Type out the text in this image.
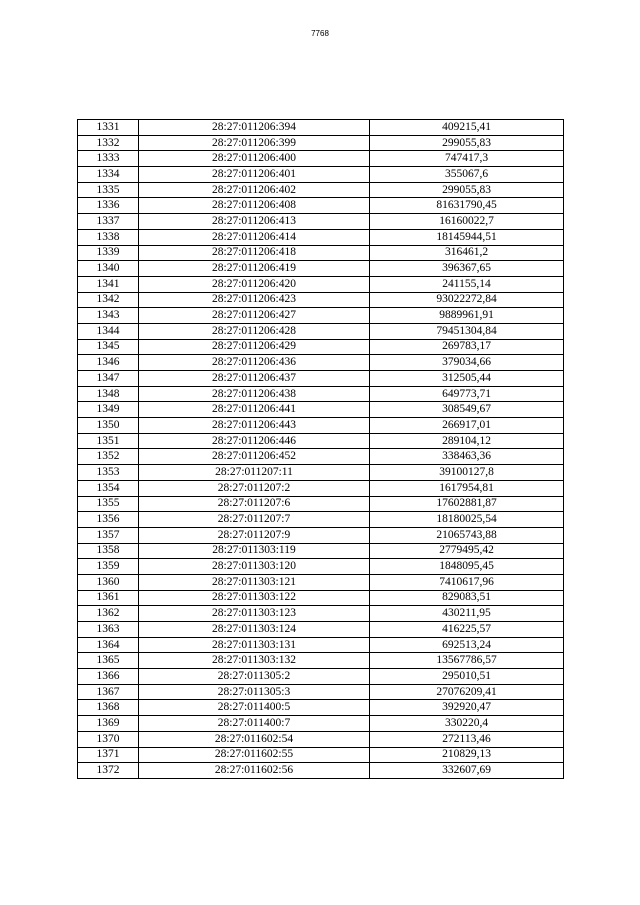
7768
1331	28:27:011206:394	409215,41
1332	28:27:011206:399	299055,83
1333	28:27:011206:400	747417,3
1334	28:27:011206:401	355067,6
1335	28:27:011206:402	299055,83
1336	28:27:011206:408	81631790,45
1337	28:27:011206:413	16160022,7
1338	28:27:011206:414	18145944,51
1339	28:27:011206:418	316461,2
1340	28:27:011206:419	396367,65
1341	28:27:011206:420	241155,14
1342	28:27:011206:423	93022272,84
1343	28:27:011206:427	9889961,91
1344	28:27:011206:428	79451304,84
1345	28:27:011206:429	269783,17
1346	28:27:011206:436	379034,66
1347	28:27:011206:437	312505,44
1348	28:27:011206:438	649773,71
1349	28:27:011206:441	308549,67
1350	28:27:011206:443	266917,01
1351	28:27:011206:446	289104,12
1352	28:27:011206:452	338463,36
1353	28:27:011207:11	39100127,8
1354	28:27:011207:2	1617954,81
1355	28:27:011207:6	17602881,87
1356	28:27:011207:7	18180025,54
1357	28:27:011207:9	21065743,88
1358	28:27:011303:119	2779495,42
1359	28:27:011303:120	1848095,45
1360	28:27:011303:121	7410617,96
1361	28:27:011303:122	829083,51
1362	28:27:011303:123	430211,95
1363	28:27:011303:124	416225,57
1364	28:27:011303:131	692513,24
1365	28:27:011303:132	13567786,57
1366	28:27:011305:2	295010,51
1367	28:27:011305:3	27076209,41
1368	28:27:011400:5	392920,47
1369	28:27:011400:7	330220,4
1370	28:27:011602:54	272113,46
1371	28:27:011602:55	210829,13
1372	28:27:011602:56	332607,69
